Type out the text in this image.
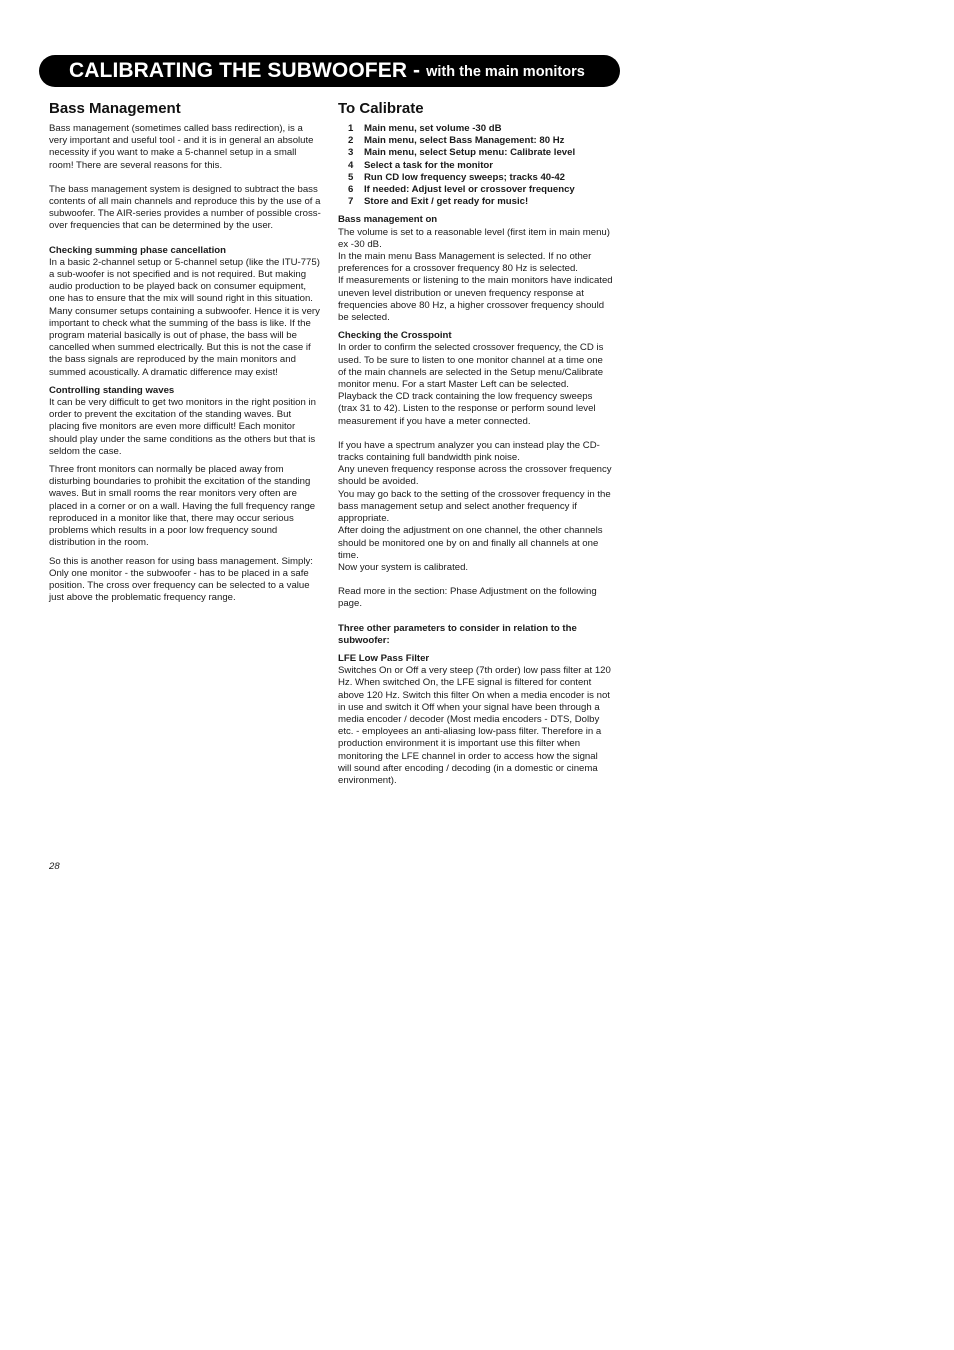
CALIBRATING THE SUBWOOFER - with the main monitors
Bass Management

Bass management (sometimes called bass redirection), is a very important and useful tool - and it is in general an absolute necessity if you want to make a 5-channel setup in a small room! There are several reasons for this.

The bass management system is designed to subtract the bass contents of all main channels and reproduce this by the use of a subwoofer. The AIR-series provides a number of possible cross-over frequencies that can be determined by the user.

Checking summing phase cancellation

In a basic 2-channel setup or 5-channel setup (like the ITU-775) a sub-woofer is not specified and is not required. But making audio production to be played back on consumer equipment, one has to ensure that the mix will sound right in this situation. Many consumer setups containing a subwoofer. Hence it is very important to check what the summing of the bass is like. If the program material basically is out of phase, the bass will be cancelled when summed electrically. But this is not the case if the bass signals are reproduced by the main monitors and summed acoustically. A dramatic difference may exist!

Controlling standing waves

It can be very difficult to get two monitors in the right position in order to prevent the excitation of the standing waves. But placing five monitors are even more difficult! Each monitor should play under the same conditions as the others but that is seldom the case.

Three front monitors can normally be placed away from disturbing boundaries to prohibit the excitation of the standing waves. But in small rooms the rear monitors very often are placed in a corner or on a wall. Having the full frequency range reproduced in a monitor like that, there may occur serious problems which results in a poor low frequency sound distribution in the room.

So this is another reason for using bass management. Simply: Only one monitor - the subwoofer - has to be placed in a safe position. The cross over frequency can be selected to a value just above the problematic frequency range.

To Calibrate
1	Main menu, set volume -30 dB
2	Main menu, select Bass Management: 80 Hz
3	Main menu, select Setup menu: Calibrate level
4	Select a task for the monitor
5	Run CD low frequency sweeps; tracks 40-42
6	If needed: Adjust level or crossover frequency
7	Store and Exit / get ready for music!

Bass management on

The volume is set to a reasonable level (first item in main menu) ex -30 dB.

In the main menu Bass Management is selected. If no other preferences for a crossover frequency 80 Hz is selected.

If measurements or listening to the main monitors have indicated uneven level distribution or uneven frequency response at frequencies above 80 Hz, a higher crossover frequency should be selected.

Checking the Crosspoint

In order to confirm the selected crossover frequency, the CD is used. To be sure to listen to one monitor channel at a time one of the main channels are selected in the Setup menu/Calibrate monitor menu. For a start Master Left can be selected.

Playback the CD track containing the low frequency sweeps (trax 31 to 42). Listen to the response or perform sound level measurement if you have a meter connected.

If you have a spectrum analyzer you can instead play the CD-tracks containing full bandwidth pink noise.

Any uneven frequency response across the crossover frequency should be avoided.

You may go back to the setting of the crossover frequency in the bass management setup and select another frequency if appropriate.

After doing the adjustment on one channel, the other channels should be monitored one by on and finally all channels at one time.

Now your system is calibrated.

Read more in the section: Phase Adjustment on the following page.

Three other parameters to consider in relation to the subwoofer:

LFE Low Pass Filter

Switches On or Off a very steep (7th order) low pass filter at 120 Hz. When switched On, the LFE signal is filtered for content above 120 Hz. Switch this filter On when a media encoder is not in use and switch it Off when your signal have been through a media encoder / decoder (Most media encoders - DTS, Dolby etc. - employees an anti-aliasing low-pass filter. Therefore in a production environment it is important use this filter when monitoring the LFE channel in order to access how the signal will sound after encoding / decoding (in a domestic or cinema environment).

28
